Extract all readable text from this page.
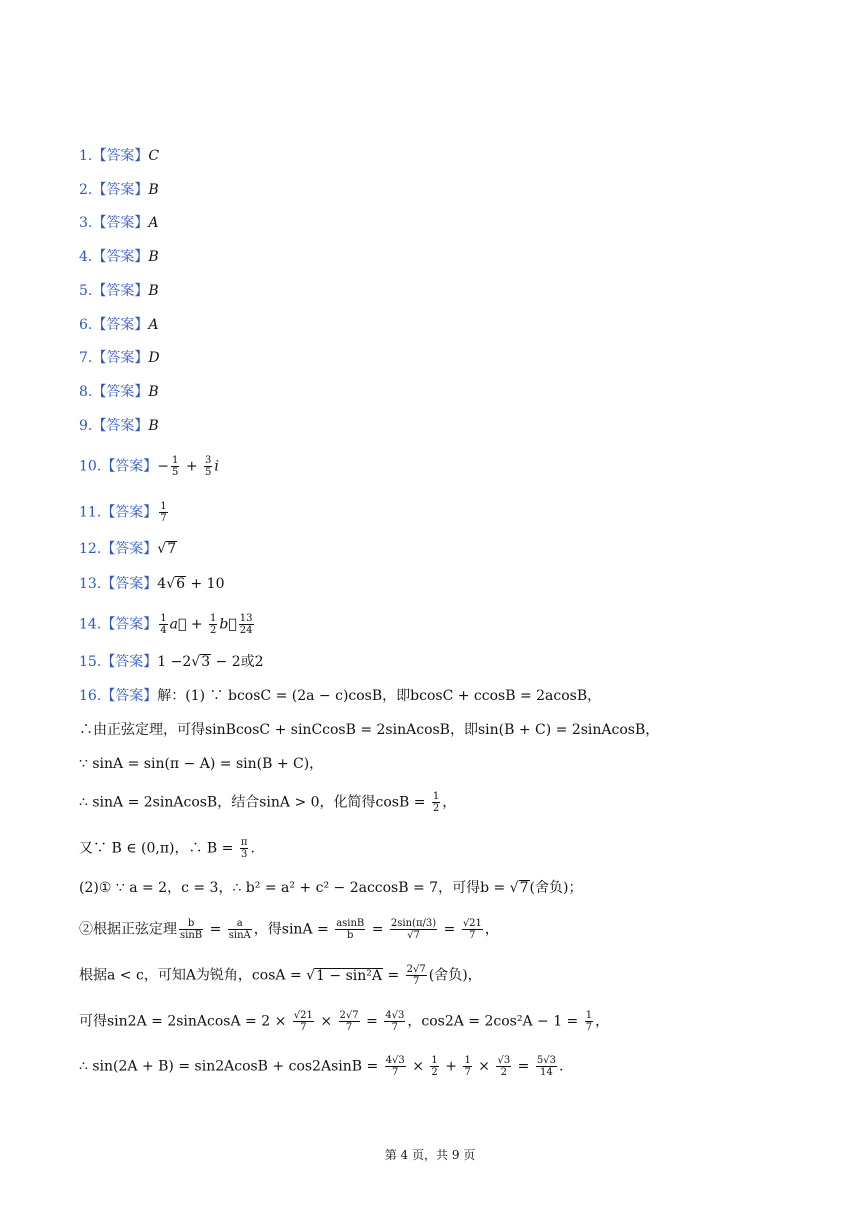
1.【答案】C
2.【答案】B
3.【答案】A
4.【答案】B
5.【答案】B
6.【答案】A
7.【答案】D
8.【答案】B
9.【答案】B
10.【答案】− $\frac{1}{5} + \frac{3}{5}$ i
11.【答案】 $\frac{1}{7}$
12.【答案】√7
13.【答案】4√6 + 10
14.【答案】 $\frac{1}{4}$ a⃗ + $\frac{1}{2}$ b⃗ $\frac{13}{24}$
15.【答案】1 −2√3 − 2或2
16.【答案】解：(1) ∵ bcosC = (2a − c)cosB，即bcosC + ccosB = 2acosB，
∴由正弦定理，可得sinBcosC + sinCcosB = 2sinAcosB，即sin(B + C) = 2sinAcosB，
∵ sinA = sin(π − A) = sin(B + C)，
∴ sinA = 2sinAcosB，结合sinA > 0，化简得$\cos B = \frac{1}{2}$ ，
又∵ B ∈ (0,π)，∴ $B = \frac{\pi}{3}$ .
(2)① ∵ a = 2，c = 3，∴ b² = a² + c² − 2accosB = 7，可得b = √7(舍负)；
②根据正弦定理 $\frac{b}{\sin B} = \frac{a}{\sin A}$ ，得$\sin A = \frac{asinB}{b} = \frac{2\sin(\pi/3)}{√7} = \frac{√21}{7}$ ，
根据a < c，可知A为锐角，$\cos A = √1 - \sin^2A = \frac{2√7}{7}$ (舍负)，
可得sin2A = 2sinAcosA = $2 \times \frac{√21}{7} \times \frac{2√7}{7} = \frac{4√3}{7}$ ，$\cos 2A = 2\cos^2A - 1 = \frac{1}{7}$ ，
∴ $\sin(2A + B) = \sin 2AcosB + \cos 2AsinB = \frac{4√3}{7} \times \frac{1}{2} + \frac{1}{7} \times \frac{√3}{2} = \frac{5√3}{14}$ .
第 4 页，共 9 页
